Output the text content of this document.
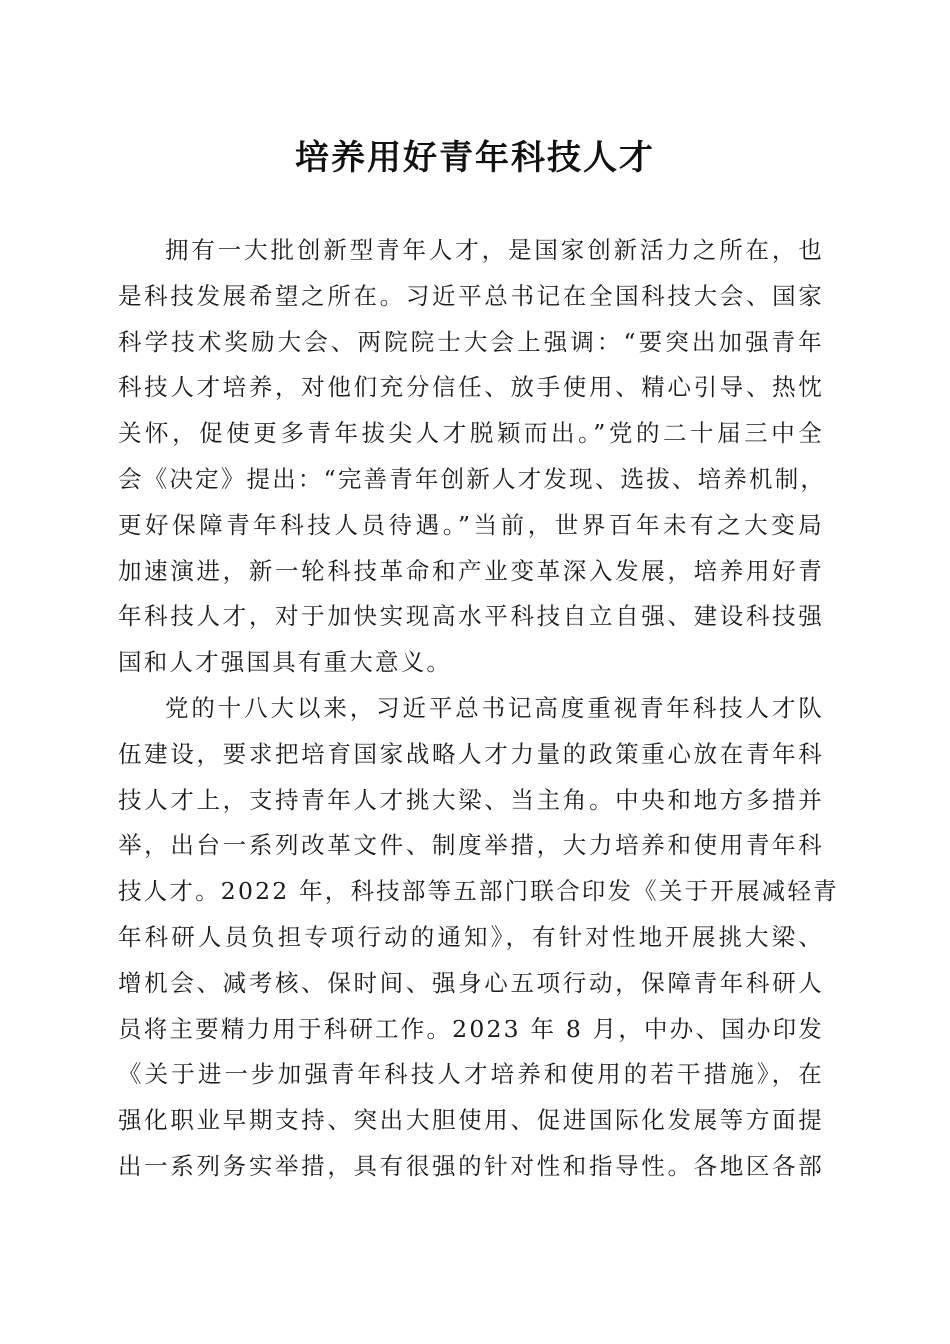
培养用好青年科技人才
拥有一大批创新型青年人才，是国家创新活力之所在，也
是科技发展希望之所在。习近平总书记在全国科技大会、国家
科学技术奖励大会、两院院士大会上强调：“要突出加强青年
科技人才培养，对他们充分信任、放手使用、精心引导、热忱
关怀，促使更多青年拔尖人才脱颖而出。”党的二十届三中全
会《决定》提出：“完善青年创新人才发现、选拔、培养机制，
更好保障青年科技人员待遇。”当前，世界百年未有之大变局
加速演进，新一轮科技革命和产业变革深入发展，培养用好青
年科技人才，对于加快实现高水平科技自立自强、建设科技强
国和人才强国具有重大意义。
党的十八大以来，习近平总书记高度重视青年科技人才队
伍建设，要求把培育国家战略人才力量的政策重心放在青年科
技人才上，支持青年人才挑大梁、当主角。中央和地方多措并
举，出台一系列改革文件、制度举措，大力培养和使用青年科
技人才。2022 年，科技部等五部门联合印发《关于开展减轻青
年科研人员负担专项行动的通知》，有针对性地开展挑大梁、
增机会、减考核、保时间、强身心五项行动，保障青年科研人
员将主要精力用于科研工作。2023 年 8 月，中办、国办印发
《关于进一步加强青年科技人才培养和使用的若干措施》，在
强化职业早期支持、突出大胆使用、促进国际化发展等方面提
出一系列务实举措，具有很强的针对性和指导性。各地区各部
